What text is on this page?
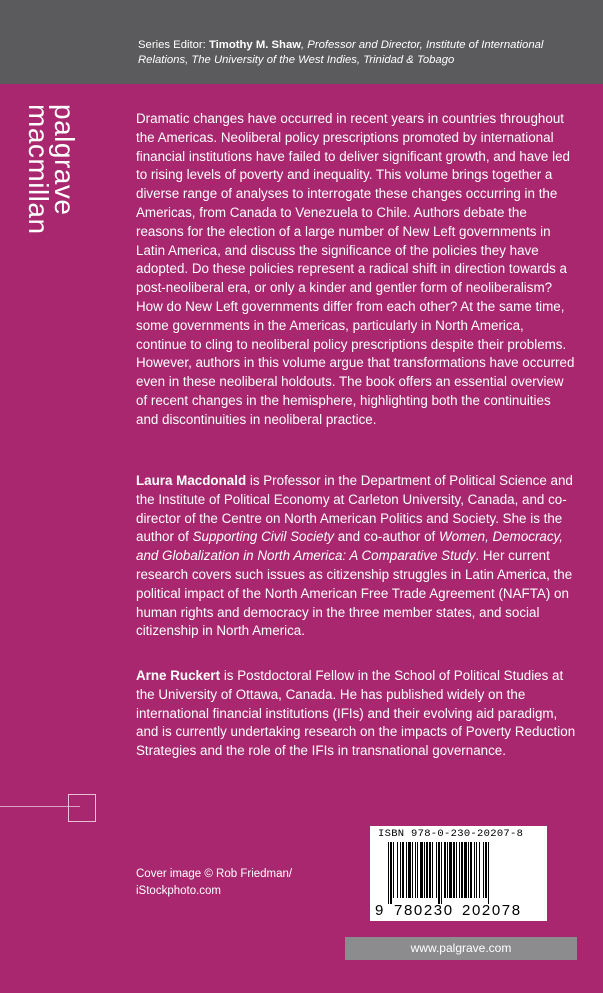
Series Editor: Timothy M. Shaw, Professor and Director, Institute of International Relations, The University of the West Indies, Trinidad & Tobago
palgrave
macmillan	Dramatic changes have occurred in recent years in countries throughout the Americas. Neoliberal policy prescriptions promoted by international financial institutions have failed to deliver significant growth, and have led to rising levels of poverty and inequality. This volume brings together a diverse range of analyses to interrogate these changes occurring in the Americas, from Canada to Venezuela to Chile. Authors debate the reasons for the election of a large number of New Left governments in Latin America, and discuss the significance of the policies they have adopted. Do these policies represent a radical shift in direction towards a post-neoliberal era, or only a kinder and gentler form of neoliberalism? How do New Left governments differ from each other? At the same time, some governments in the Americas, particularly in North America, continue to cling to neoliberal policy prescriptions despite their problems. However, authors in this volume argue that transformations have occurred even in these neoliberal holdouts. The book offers an essential overview of recent changes in the hemisphere, highlighting both the continuities and discontinuities in neoliberal practice.

Laura Macdonald is Professor in the Department of Political Science and the Institute of Political Economy at Carleton University, Canada, and co-director of the Centre on North American Politics and Society. She is the author of Supporting Civil Society and co-author of Women, Democracy, and Globalization in North America: A Comparative Study. Her current research covers such issues as citizenship struggles in Latin America, the political impact of the North American Free Trade Agreement (NAFTA) on human rights and democracy in the three member states, and social citizenship in North America.

Arne Ruckert is Postdoctoral Fellow in the School of Political Studies at the University of Ottawa, Canada. He has published widely on the international financial institutions (IFIs) and their evolving aid paradigm, and is currently undertaking research on the impacts of Poverty Reduction Strategies and the role of the IFIs in transnational governance.

Cover image © Rob Friedman/
iStockphoto.com
ISBN 978-0-230-20207-8
9 780230 202078
www.palgrave.com
